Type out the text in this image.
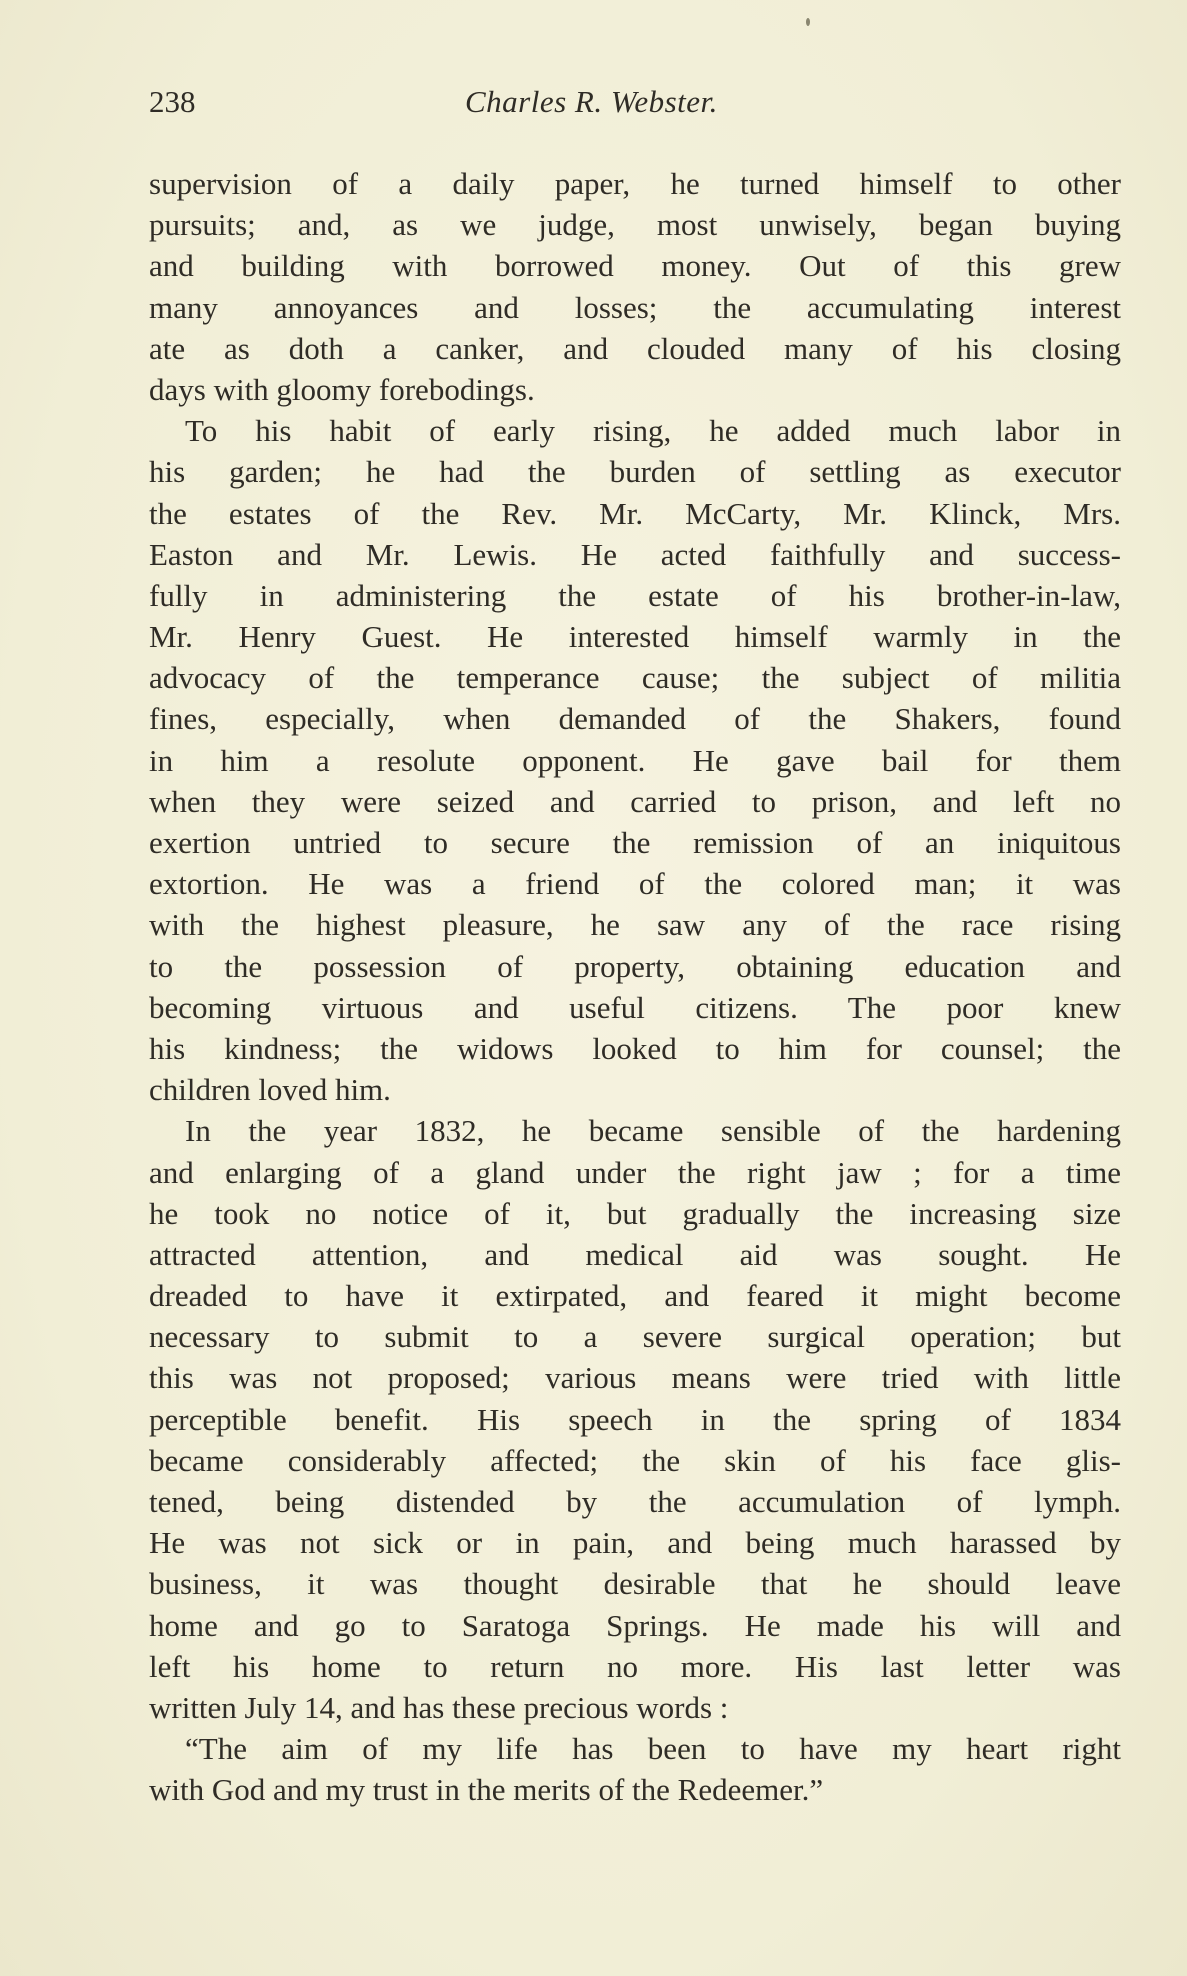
238	Charles R. Webster.
supervision of a daily paper, he turned himself to other
pursuits; and, as we judge, most unwisely, began buying
and building with borrowed money. Out of this grew
many annoyances and losses; the accumulating interest
ate as doth a canker, and clouded many of his closing
days with gloomy forebodings.
To his habit of early rising, he added much labor in
his garden; he had the burden of settling as executor
the estates of the Rev. Mr. McCarty, Mr. Klinck, Mrs.
Easton and Mr. Lewis. He acted faithfully and success-
fully in administering the estate of his brother-in-law,
Mr. Henry Guest. He interested himself warmly in the
advocacy of the temperance cause; the subject of militia
fines, especially, when demanded of the Shakers, found
in him a resolute opponent. He gave bail for them
when they were seized and carried to prison, and left no
exertion untried to secure the remission of an iniquitous
extortion. He was a friend of the colored man; it was
with the highest pleasure, he saw any of the race rising
to the possession of property, obtaining education and
becoming virtuous and useful citizens. The poor knew
his kindness; the widows looked to him for counsel; the
children loved him.
In the year 1832, he became sensible of the hardening
and enlarging of a gland under the right jaw ; for a time
he took no notice of it, but gradually the increasing size
attracted attention, and medical aid was sought. He
dreaded to have it extirpated, and feared it might become
necessary to submit to a severe surgical operation; but
this was not proposed; various means were tried with little
perceptible benefit. His speech in the spring of 1834
became considerably affected; the skin of his face glis-
tened, being distended by the accumulation of lymph.
He was not sick or in pain, and being much harassed by
business, it was thought desirable that he should leave
home and go to Saratoga Springs. He made his will and
left his home to return no more. His last letter was
written July 14, and has these precious words :
“The aim of my life has been to have my heart right
with God and my trust in the merits of the Redeemer.”
